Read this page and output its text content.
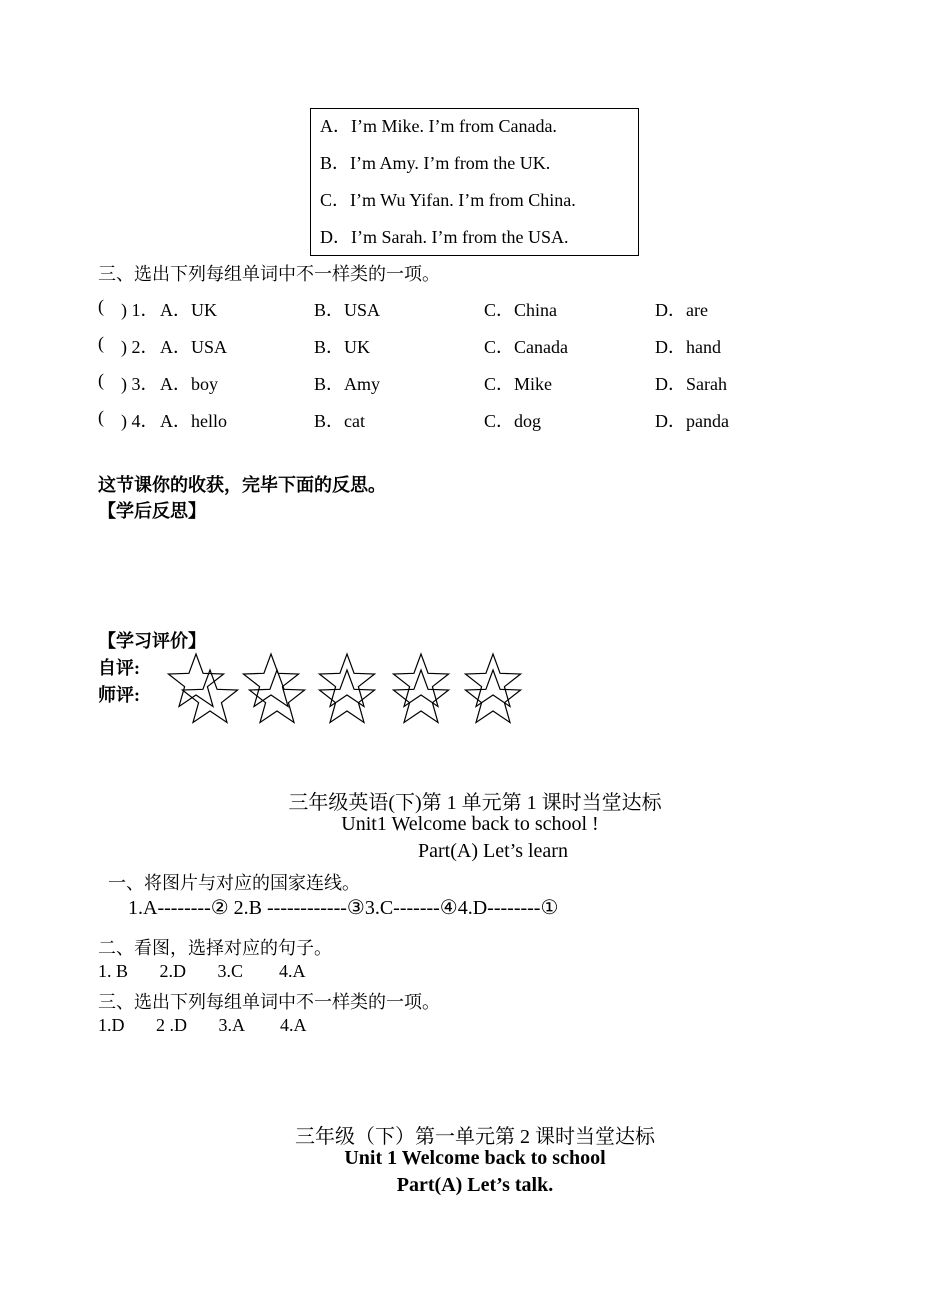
A．I’m Mike. I’m from Canada.
B．I’m Amy. I’m from the UK.
C．I’m Wu Yifan. I’m from China.
D．I’m Sarah. I’m from the USA.
三、选出下列每组单词中不一样类的一项。
( ) 1． A．UK	B．USA	C．China	D．are
( ) 2． A．USA	B．UK	C．Canada	D．hand
( ) 3． A．boy	B．Amy	C．Mike	D．Sarah
( ) 4． A．hello	B．cat	C．dog	D．panda
这节课你的收获，完毕下面的反思。
【学后反思】
【学习评价】
自评:
师评:
三年级英语(下)第 1 单元第 1 课时当堂达标
Unit1 Welcome back to school !
Part(A) Let’s learn
一、将图片与对应的国家连线。
1.A--------② 2.B ------------③3.C-------④4.D--------①
二、看图，选择对应的句子。
1. B       2.D       3.C        4.A
三、选出下列每组单词中不一样类的一项。
1.D       2 .D       3.A        4.A
三年级（下）第一单元第 2 课时当堂达标
Unit 1 Welcome back to school
Part(A) Let’s talk.
